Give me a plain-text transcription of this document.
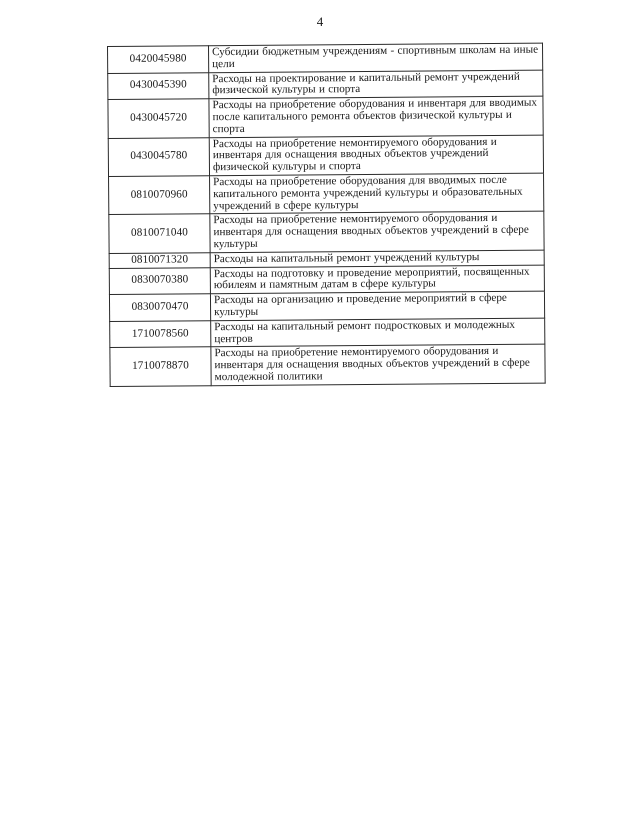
4
0420045980	Субсидии бюджетным учреждениям - спортивным школам на иные цели

0430045390	Расходы на проектирование и капитальный ремонт учреждений физической культуры и спорта

0430045720	Расходы на приобретение оборудования и инвентаря для вводимых после капитального ремонта объектов физической культуры и спорта

0430045780	Расходы на приобретение немонтируемого оборудования и инвентаря для оснащения вводных объектов учреждений физической культуры и спорта

0810070960	Расходы на приобретение оборудования для вводимых после капитального ремонта учреждений культуры и образовательных учреждений в сфере культуры

0810071040	Расходы на приобретение немонтируемого оборудования и инвентаря для оснащения вводных объектов учреждений в сфере культуры

0810071320	Расходы на капитальный ремонт учреждений культуры

0830070380	Расходы на подготовку и проведение мероприятий, посвященных юбилеям и памятным датам в сфере культуры

0830070470	Расходы на организацию и проведение мероприятий в сфере культуры

1710078560	Расходы на капитальный ремонт подростковых и молодежных центров

1710078870	Расходы на приобретение немонтируемого оборудования и инвентаря для оснащения вводных объектов учреждений в сфере молодежной политики
